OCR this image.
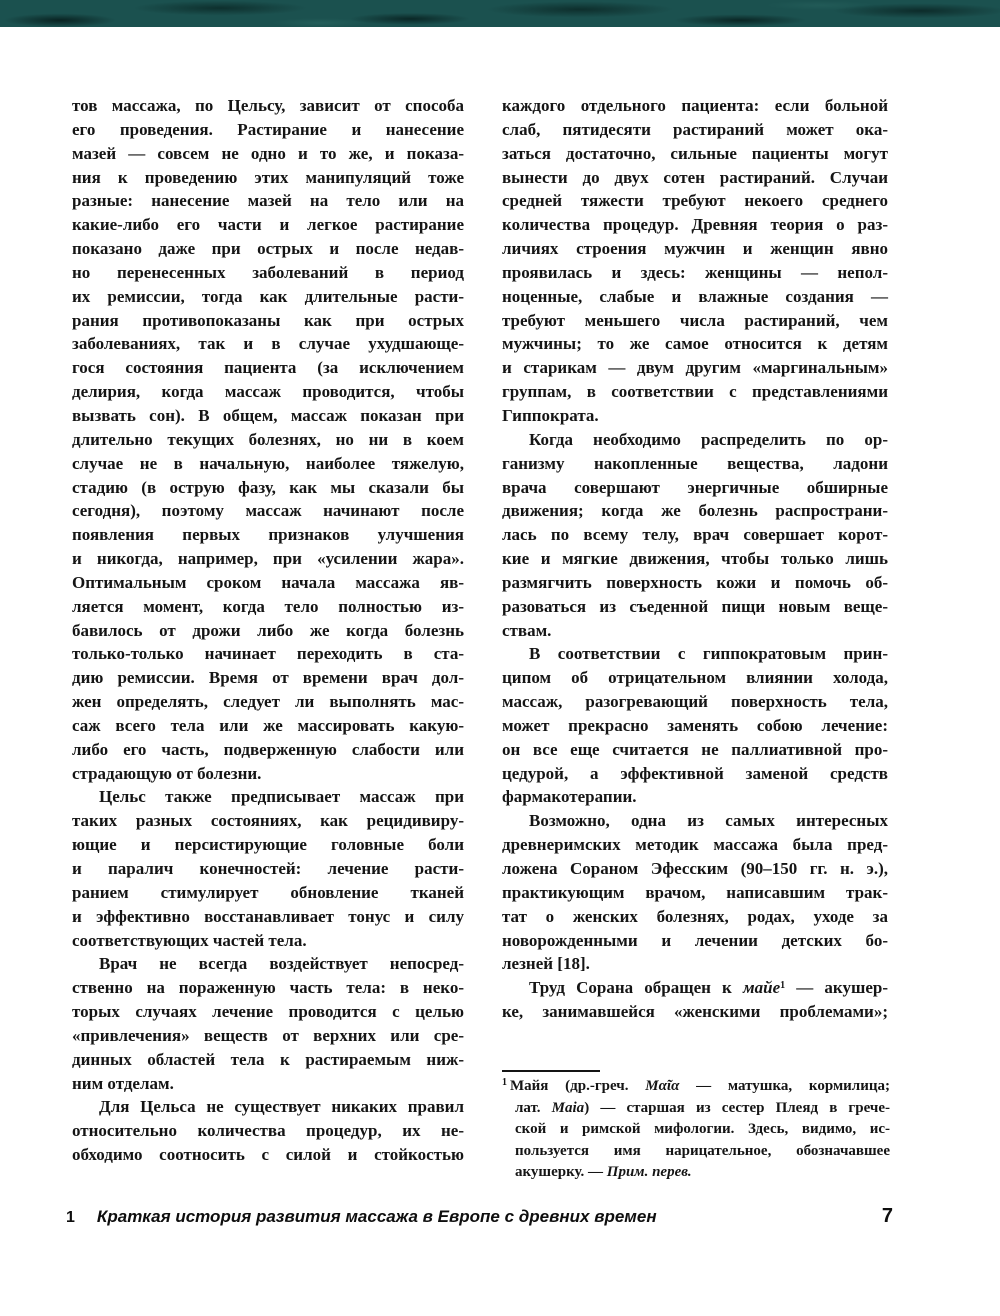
тов массажа, по Цельсу, зависит от способа
его проведения. Растирание и нанесение
мазей — совсем не одно и то же, и показа-
ния к проведению этих манипуляций тоже
разные: нанесение мазей на тело или на
какие-либо его части и легкое растирание
показано даже при острых и после недав-
но перенесенных заболеваний в период
их ремиссии, тогда как длительные расти-
рания противопоказаны как при острых
заболеваниях, так и в случае ухудшающе-
гося состояния пациента (за исключением
делирия, когда массаж проводится, чтобы
вызвать сон). В общем, массаж показан при
длительно текущих болезнях, но ни в коем
случае не в начальную, наиболее тяжелую,
стадию (в острую фазу, как мы сказали бы
сегодня), поэтому массаж начинают после
появления первых признаков улучшения
и никогда, например, при «усилении жара».
Оптимальным сроком начала массажа яв-
ляется момент, когда тело полностью из-
бавилось от дрожи либо же когда болезнь
только-только начинает переходить в ста-
дию ремиссии. Время от времени врач дол-
жен определять, следует ли выполнять мас-
саж всего тела или же массировать какую-
либо его часть, подверженную слабости или
страдающую от болезни.
Цельс также предписывает массаж при
таких разных состояниях, как рецидивиру-
ющие и персистирующие головные боли
и паралич конечностей: лечение расти-
ранием стимулирует обновление тканей
и эффективно восстанавливает тонус и силу
соответствующих частей тела.
Врач не всегда воздействует непосред-
ственно на пораженную часть тела: в неко-
торых случаях лечение проводится с целью
«привлечения» веществ от верхних или сре-
динных областей тела к растираемым ниж-
ним отделам.
Для Цельса не существует никаких правил
относительно количества процедур, их не-
обходимо соотносить с силой и стойкостью
каждого отдельного пациента: если больной
слаб, пятидесяти растираний может ока-
заться достаточно, сильные пациенты могут
вынести до двух сотен растираний. Случаи
средней тяжести требуют некоего среднего
количества процедур. Древняя теория о раз-
личиях строения мужчин и женщин явно
проявилась и здесь: женщины — непол-
ноценные, слабые и влажные создания —
требуют меньшего числа растираний, чем
мужчины; то же самое относится к детям
и старикам — двум другим «маргинальным»
группам, в соответствии с представлениями
Гиппократа.
Когда необходимо распределить по ор-
ганизму накопленные вещества, ладони
врача совершают энергичные обширные
движения; когда же болезнь распространи-
лась по всему телу, врач совершает корот-
кие и мягкие движения, чтобы только лишь
размягчить поверхность кожи и помочь об-
разоваться из съеденной пищи новым веще-
ствам.
В соответствии с гиппократовым прин-
ципом об отрицательном влиянии холода,
массаж, разогревающий поверхность тела,
может прекрасно заменять собою лечение:
он все еще считается не паллиативной про-
цедурой, а эффективной заменой средств
фармакотерапии.
Возможно, одна из самых интересных
древнеримских методик массажа была пред-
ложена Сораном Эфесским (90–150 гг. н. э.),
практикующим врачом, написавшим трак-
тат о женских болезнях, родах, уходе за
новорожденными и лечении детских бо-
лезней [18].
Труд Сорана обращен к майе$^1$ — акушер-
ке, занимавшейся «женскими проблемами»;
$^1$ Майя (др.-греч. Μαῖα — матушка, кормилица;
лат. Maia) — старшая из сестер Плеяд в грече-
ской и римской мифологии. Здесь, видимо, ис-
пользуется имя нарицательное, обозначавшее
акушерку. — Прим. перев.
1 Краткая история развития массажа в Европе с древних времен	7
